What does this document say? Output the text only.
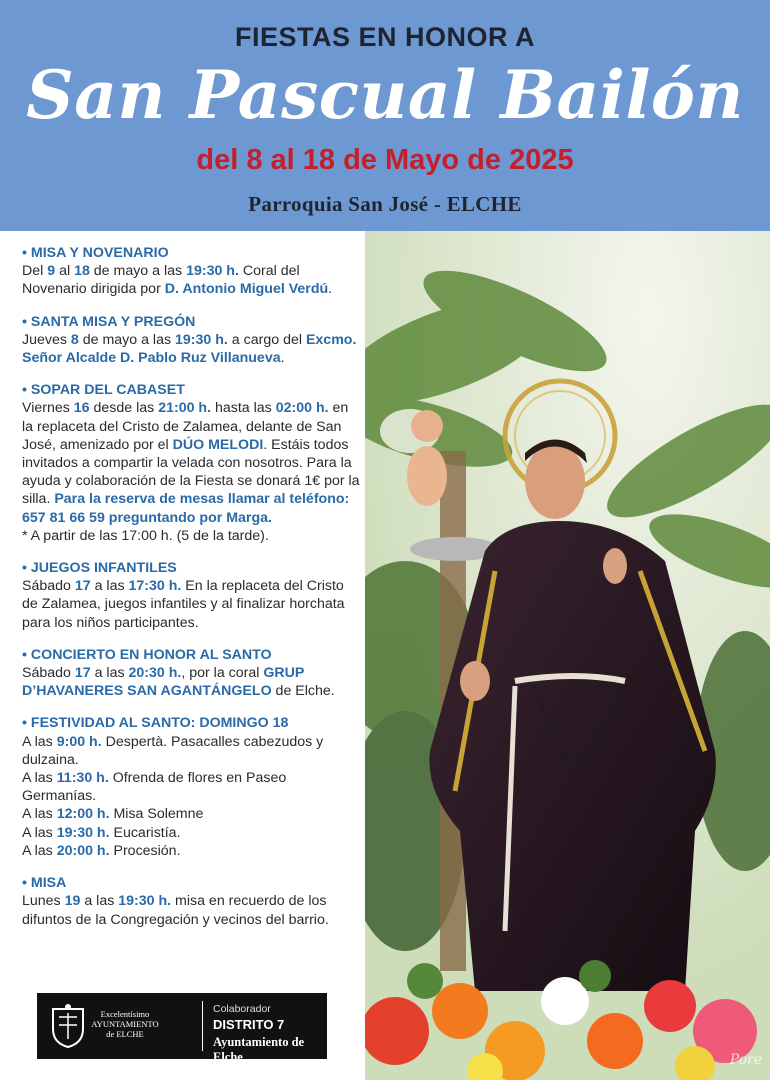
FIESTAS EN HONOR A
San Pascual Bailón
del 8 al 18 de Mayo de 2025
Parroquia San José - ELCHE
• MISA Y NOVENARIO
Del 9 al 18 de mayo a las 19:30 h. Coral del Novenario dirigida por D. Antonio Miguel Verdú.
• SANTA MISA Y PREGÓN
Jueves 8 de mayo a las 19:30 h. a cargo del Excmo. Señor Alcalde D. Pablo Ruz Villanueva.
• SOPAR DEL CABASET
Viernes 16 desde las 21:00 h. hasta las 02:00 h. en la replaceta del Cristo de Zalamea, delante de San José, amenizado por el DÚO MELODI. Estáis todos invitados a compartir la velada con nosotros. Para la ayuda y colaboración de la Fiesta se donará 1€ por la silla. Para la reserva de mesas llamar al teléfono: 657 81 66 59 preguntando por Marga.
* A partir de las 17:00 h. (5 de la tarde).
• JUEGOS INFANTILES
Sábado 17 a las 17:30 h. En la replaceta del Cristo de Zalamea, juegos infantiles y al finalizar horchata para los niños participantes.
• CONCIERTO EN HONOR AL SANTO
Sábado 17 a las 20:30 h., por la coral GRUP D’HAVANERES SAN AGANTÁNGELO de Elche.
• FESTIVIDAD AL SANTO: DOMINGO 18
A las 9:00 h. Despertà. Pasacalles cabezudos y dulzaina.
A las 11:30 h. Ofrenda de flores en Paseo Germanías.
A las 12:00 h. Misa Solemne
A las 19:30 h. Eucaristía.
A las 20:00 h. Procesión.
• MISA
Lunes 19 a las 19:30 h. misa en recuerdo de los difuntos de la Congregación y vecinos del barrio.
Pore
Excelentísimo
AYUNTAMIENTO
de ELCHE
Colaborador
DISTRITO 7
Ayuntamiento de Elche
